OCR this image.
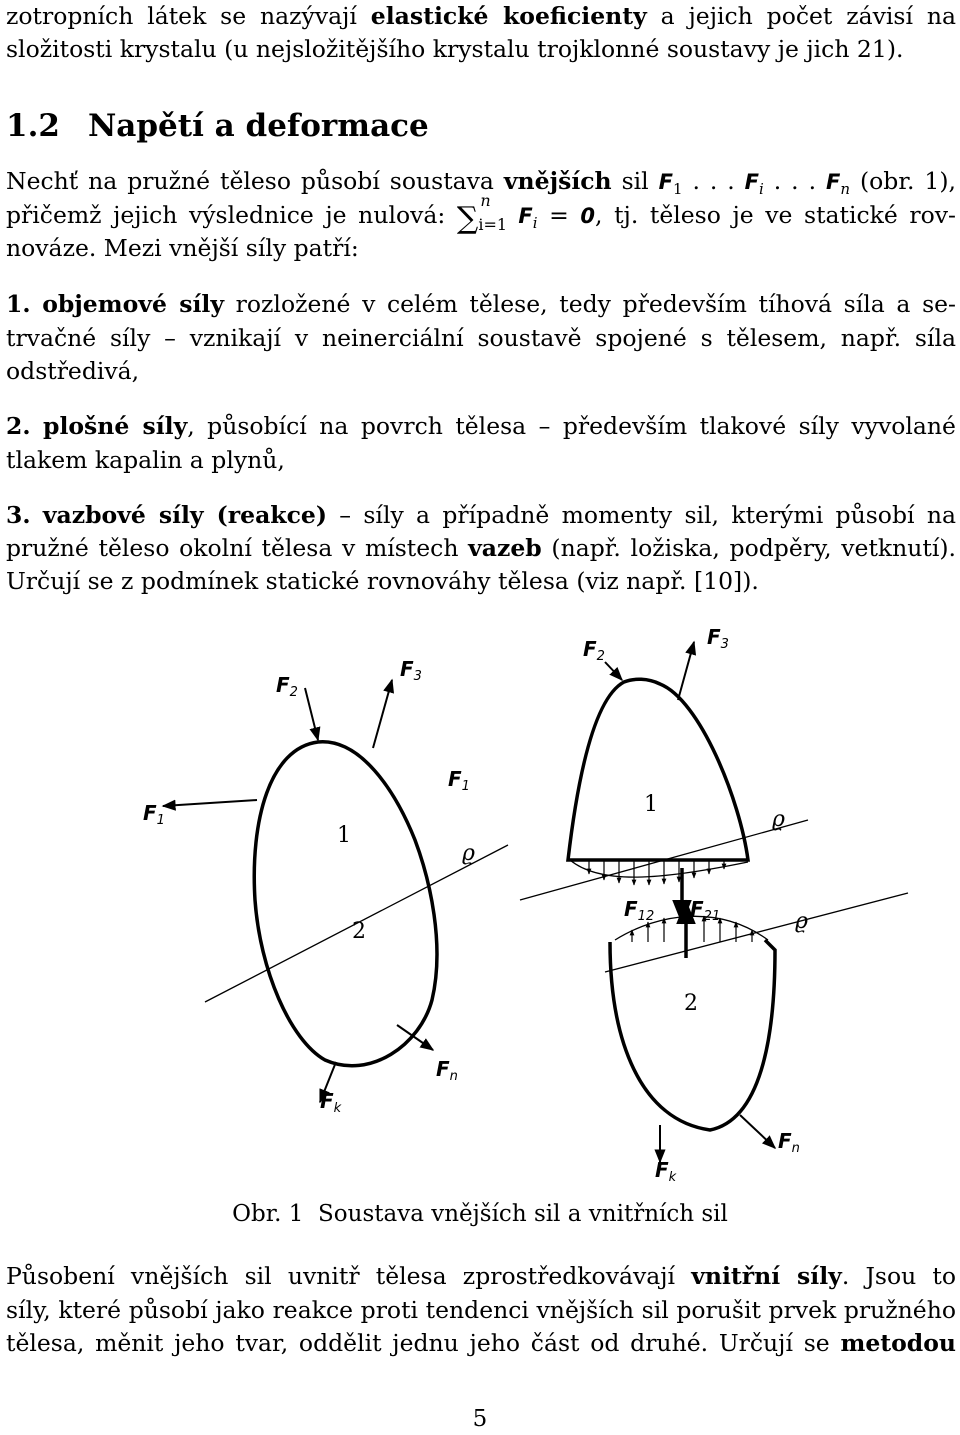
zotropních látek se nazývají elastické koeficienty a jejich počet závisí na

složitosti krystalu (u nejsložitějšího krystalu trojklonné soustavy je jich 21).

1.2 Napětí a deformace

Nechť na pružné těleso působí soustava vnějších sil $F_1$ . . . $F_i$ . . . $F_n$ (obr. 1),

přičemž jejich výslednice je nulová: ∑
n
i=1 $F_i = 0$, tj. těleso je ve statické rov-

nováze. Mezi vnější síly patří:

1. objemové síly rozložené v celém tělese, tedy především tíhová síla a se-

trvačné síly – vznikají v neinerciální soustavě spojené s tělesem, např. síla

odstředivá,

2. plošné síly, působící na povrch tělesa – především tlakové síly vyvolané

tlakem kapalin a plynů,

3. vazbové síly (reakce) – síly a případně momenty sil, kterými působí na

pružné těleso okolní tělesa v místech vazeb (např. ložiska, podpěry, vetknutí).

Určují se z podmínek statické rovnováhy tělesa (viz např. [10]).

$F_2$
$F_3$
$F_1$
1
2
ϱ
$F_k$
$F_n$
$F_2$
$F_3$
$F_1$
1
ϱ
$F_{12}$ $F_{21}$	ϱ
2
$F_k$
$F_n$
Obr. 1  Soustava vnějších sil a vnitřních sil

Působení vnějších sil uvnitř tělesa zprostředkovávají vnitřní síly. Jsou to

síly, které působí jako reakce proti tendenci vnějších sil porušit prvek pružného

tělesa, měnit jeho tvar, oddělit jednu jeho část od druhé. Určují se metodou

5
